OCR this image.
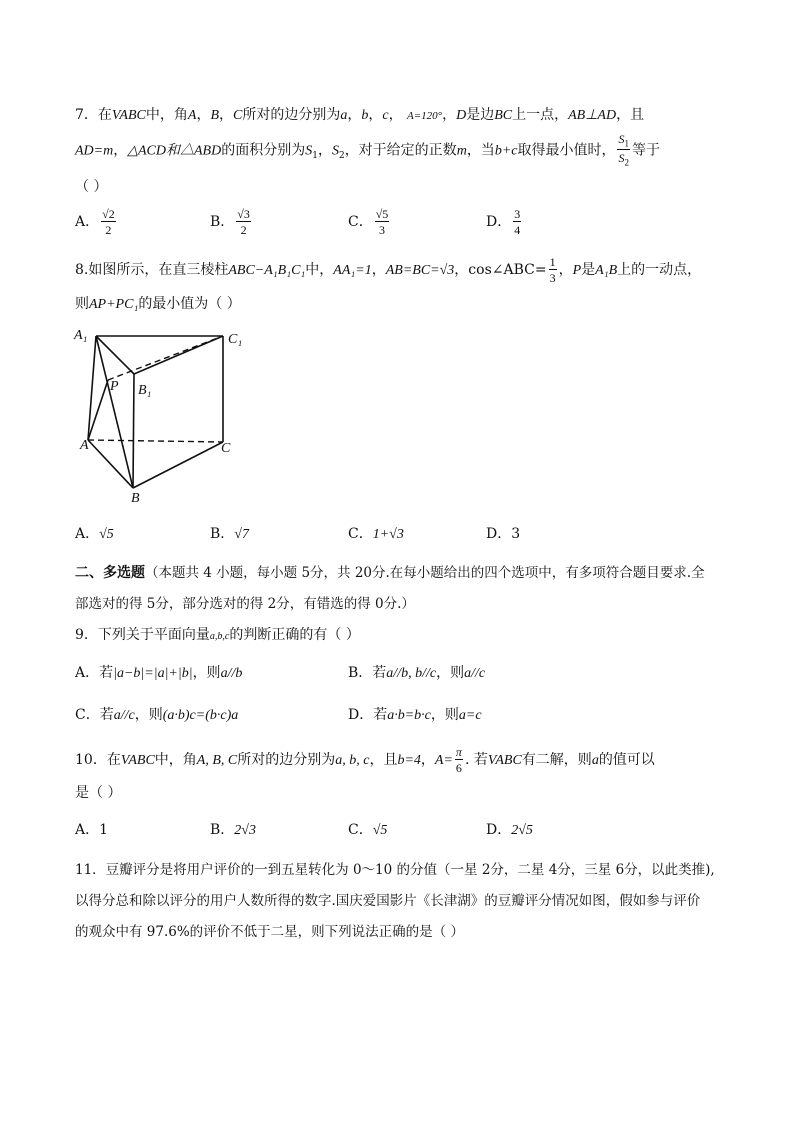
7．在VABC中，角A，B，C所对的边分别为a，b，c， A=120°，D是边BC上一点，AB⊥AD，且
AD=m，△ACD和△ABD的面积分别为$S_1$，$S_2$，对于给定的正数m，当b+c取得最小值时， $\frac{S_1}{S_2}$ 等于
（ ）
A． $\frac{√2}{2}$	B． $\frac{√3}{2}$	C． $\frac{√5}{3}$	D． $\frac{3}{4}$
8.如图所示，在直三棱柱ABC−A₁B₁C₁中，AA₁=1，AB=BC=√3，cos∠ABC= $\frac{1}{3}$ ，P是A₁B上的一动点，
则AP+PC₁的最小值为（ ）
A₁	C₁
P B₁
A	C
B
A．√5	B．√7	C．1+√3	D．3
二、多选题（本题共 4 小题，每小题 5分，共 20分.在每小题给出的四个选项中，有多项符合题目要求.全
部选对的得 5分，部分选对的得 2分，有错选的得 0分.）
9．下列关于平面向量a,b,c的判断正确的有（ ）
A．若|a−b|=|a|+|b|，则a//b	B．若a//b, b//c，则a//c
C．若a//c，则(a·b)c=(b·c)a	D．若a·b=b·c，则a=c
10．在VABC中，角A, B, C所对的边分别为a, b, c，且b=4，$A= \frac{\pi}{6}$ . 若VABC有二解，则a的值可以
是（ ）
A．1	B．2√3	C．√5	D．2√5
11．豆瓣评分是将用户评价的一到五星转化为 0～10 的分值（一星 2分，二星 4分，三星 6分，以此类推),
以得分总和除以评分的用户人数所得的数字.国庆爱国影片《长津湖》的豆瓣评分情况如图，假如参与评价
的观众中有 97.6%的评价不低于二星，则下列说法正确的是（ ）
